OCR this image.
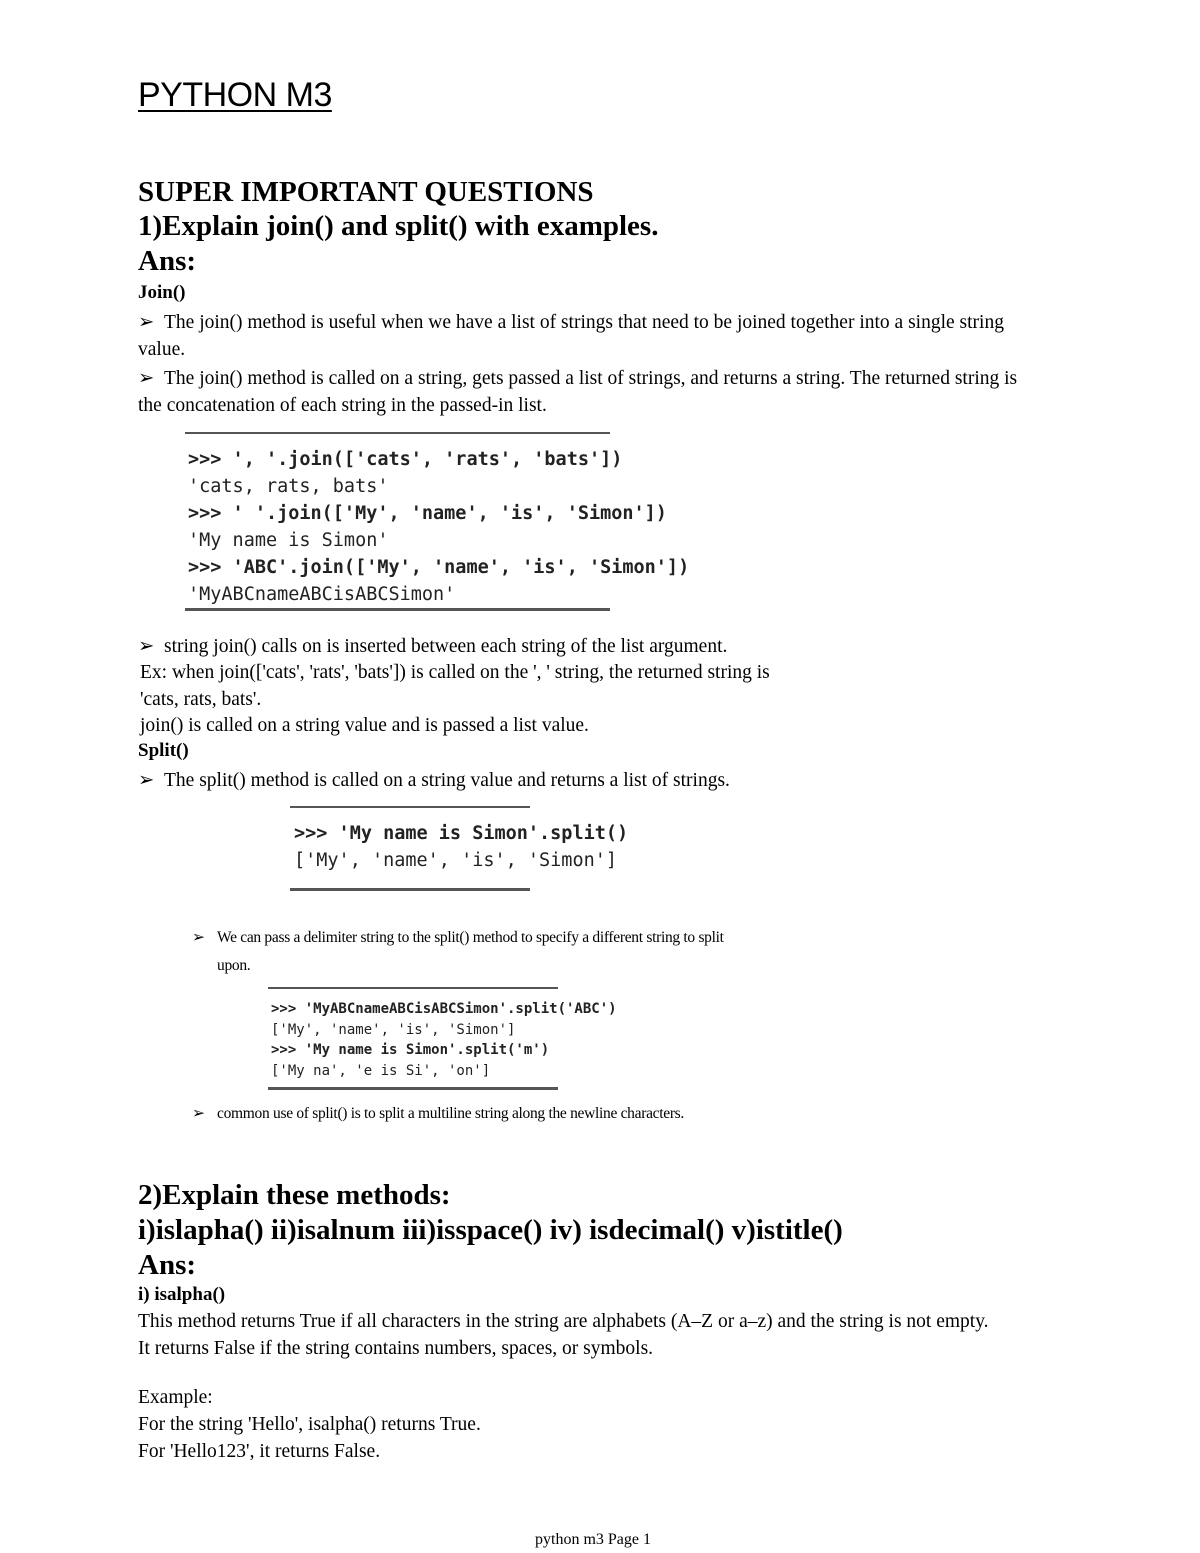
PYTHON M3
SUPER IMPORTANT QUESTIONS
1)Explain join() and split() with examples.
Ans:
Join()
➢ The join() method is useful when we have a list of strings that need to be joined together into a single string
value.
➢ The join() method is called on a string, gets passed a list of strings, and returns a string. The returned string is
the concatenation of each string in the passed-in list.
>>> ', '.join(['cats', 'rats', 'bats'])
'cats, rats, bats'
>>> ' '.join(['My', 'name', 'is', 'Simon'])
'My name is Simon'
>>> 'ABC'.join(['My', 'name', 'is', 'Simon'])
'MyABCnameABCisABCSimon'
➢ string join() calls on is inserted between each string of the list argument.
Ex: when join(['cats', 'rats', 'bats']) is called on the ', ' string, the returned string is
'cats, rats, bats'.
join() is called on a string value and is passed a list value.
Split()
➢ The split() method is called on a string value and returns a list of strings.
>>> 'My name is Simon'.split()
['My', 'name', 'is', 'Simon']
➢ We can pass a delimiter string to the split() method to specify a different string to split
upon.
>>> 'MyABCnameABCisABCSimon'.split('ABC')
['My', 'name', 'is', 'Simon']
>>> 'My name is Simon'.split('m')
['My na', 'e is Si', 'on']
➢ common use of split() is to split a multiline string along the newline characters.
2)Explain these methods:
i)islapha() ii)isalnum iii)isspace() iv) isdecimal() v)istitle()
Ans:
i) isalpha()
This method returns True if all characters in the string are alphabets (A–Z or a–z) and the string is not empty.
It returns False if the string contains numbers, spaces, or symbols.
Example:
For the string 'Hello', isalpha() returns True.
For 'Hello123', it returns False.
python m3 Page 1
